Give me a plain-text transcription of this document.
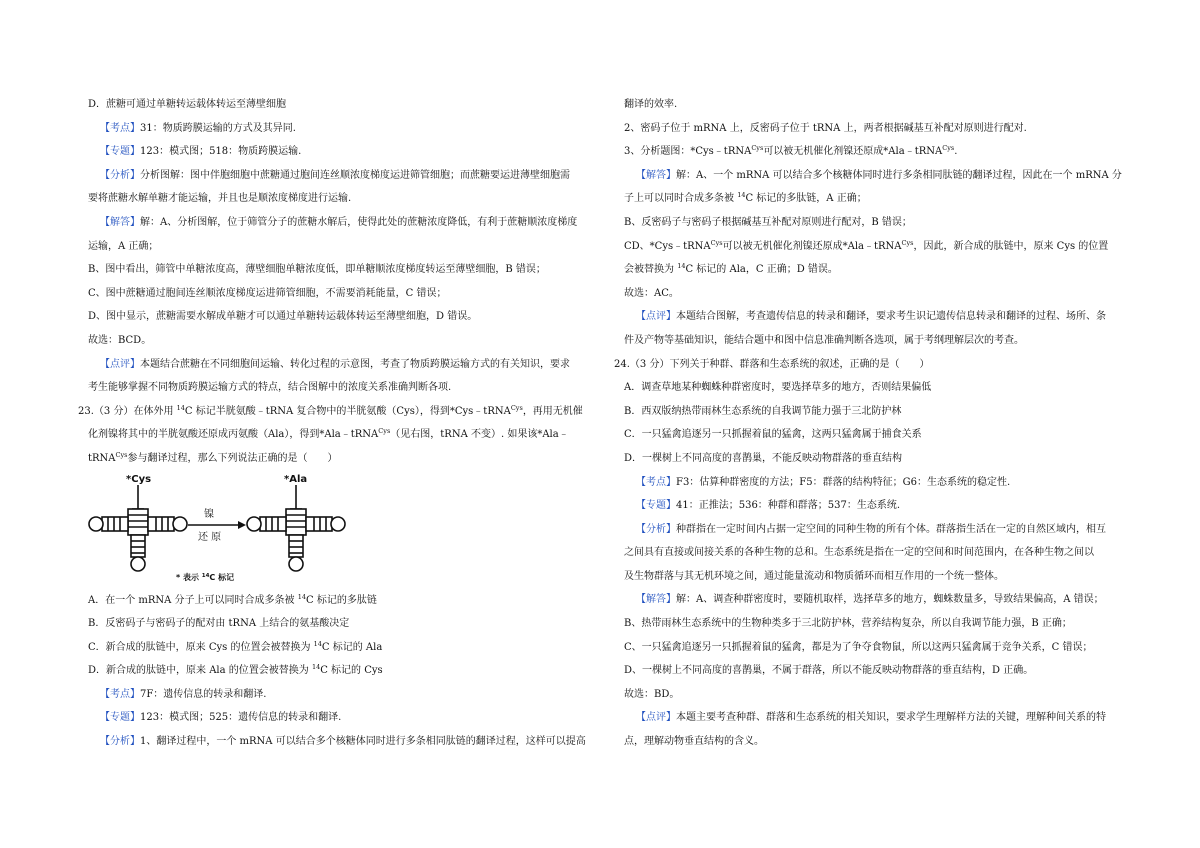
D．蔗糖可通过单糖转运载体转运至薄壁细胞
【考点】31：物质跨膜运输的方式及其异同.
【专题】123：模式图；518：物质跨膜运输.
【分析】分析图解：图中伴胞细胞中蔗糖通过胞间连丝顺浓度梯度运进筛管细胞；而蔗糖要运进薄壁细胞需
要将蔗糖水解单糖才能运输，并且也是顺浓度梯度进行运输.
【解答】解：A、分析图解，位于筛管分子的蔗糖水解后，使得此处的蔗糖浓度降低，有利于蔗糖顺浓度梯度
运输，A 正确；
B、图中看出，筛管中单糖浓度高，薄壁细胞单糖浓度低，即单糖顺浓度梯度转运至薄壁细胞，B 错误；
C、图中蔗糖通过胞间连丝顺浓度梯度运进筛管细胞，不需要消耗能量，C 错误；
D、图中显示，蔗糖需要水解成单糖才可以通过单糖转运载体转运至薄壁细胞，D 错误。
故选：BCD。
【点评】本题结合蔗糖在不同细胞间运输、转化过程的示意图，考查了物质跨膜运输方式的有关知识，要求
考生能够掌握不同物质跨膜运输方式的特点，结合图解中的浓度关系准确判断各项.
23.（3 分）在体外用 $^{14}$C 标记半胱氨酸﹣tRNA 复合物中的半胱氨酸（Cys），得到*Cys﹣tRNA$^{Cys}$，再用无机催
化剂镍将其中的半胱氨酸还原成丙氨酸（Ala），得到*Ala﹣tRNA$^{Cys}$（见右图，tRNA 不变）. 如果该*Ala﹣
tRNA$^{Cys}$参与翻译过程，那么下列说法正确的是（　　）
*Cys
镍
还 原
*Ala
* 表示 $^{14}$C 标记
A．在一个 mRNA 分子上可以同时合成多条被 $^{14}$C 标记的多肽链
B．反密码子与密码子的配对由 tRNA 上结合的氨基酸决定
C．新合成的肽链中，原来 Cys 的位置会被替换为 $^{14}$C 标记的 Ala
D．新合成的肽链中，原来 Ala 的位置会被替换为 $^{14}$C 标记的 Cys
【考点】7F：遗传信息的转录和翻译.
【专题】123：模式图；525：遗传信息的转录和翻译.
【分析】1、翻译过程中，一个 mRNA 可以结合多个核糖体同时进行多条相同肽链的翻译过程，这样可以提高
翻译的效率.
2、密码子位于 mRNA 上，反密码子位于 tRNA 上，两者根据碱基互补配对原则进行配对.
3、分析题图：*Cys﹣tRNA$^{Cys}$可以被无机催化剂镍还原成*Ala﹣tRNA$^{Cys}$.
【解答】解：A、一个 mRNA 可以结合多个核糖体同时进行多条相同肽链的翻译过程，因此在一个 mRNA 分
子上可以同时合成多条被 $^{14}$C 标记的多肽链，A 正确；
B、反密码子与密码子根据碱基互补配对原则进行配对，B 错误；
CD、*Cys﹣tRNA$^{Cys}$可以被无机催化剂镍还原成*Ala﹣tRNA$^{Cys}$，因此，新合成的肽链中，原来 Cys 的位置
会被替换为 $^{14}$C 标记的 Ala，C 正确；D 错误。
故选：AC。
【点评】本题结合图解，考查遗传信息的转录和翻译，要求考生识记遗传信息转录和翻译的过程、场所、条
件及产物等基础知识，能结合题中和图中信息准确判断各选项，属于考纲理解层次的考查。
24.（3 分）下列关于种群、群落和生态系统的叙述，正确的是（　　）
A．调查草地某种蜘蛛种群密度时，要选择草多的地方，否则结果偏低
B．西双版纳热带雨林生态系统的自我调节能力强于三北防护林
C．一只猛禽追逐另一只抓握着鼠的猛禽，这两只猛禽属于捕食关系
D．一棵树上不同高度的喜鹊巢，不能反映动物群落的垂直结构
【考点】F3：估算种群密度的方法；F5：群落的结构特征；G6：生态系统的稳定性.
【专题】41：正推法；536：种群和群落；537：生态系统.
【分析】种群指在一定时间内占据一定空间的同种生物的所有个体。群落指生活在一定的自然区域内，相互
之间具有直接或间接关系的各种生物的总和。生态系统是指在一定的空间和时间范围内，在各种生物之间以
及生物群落与其无机环境之间，通过能量流动和物质循环而相互作用的一个统一整体。
【解答】解：A、调查种群密度时，要随机取样，选择草多的地方，蜘蛛数量多，导致结果偏高，A 错误；
B、热带雨林生态系统中的生物种类多于三北防护林，营养结构复杂，所以自我调节能力强，B 正确；
C、一只猛禽追逐另一只抓握着鼠的猛禽，都是为了争夺食物鼠，所以这两只猛禽属于竞争关系，C 错误；
D、一棵树上不同高度的喜鹊巢，不属于群落，所以不能反映动物群落的垂直结构，D 正确。
故选：BD。
【点评】本题主要考查种群、群落和生态系统的相关知识，要求学生理解样方法的关键，理解种间关系的特
点，理解动物垂直结构的含义。
